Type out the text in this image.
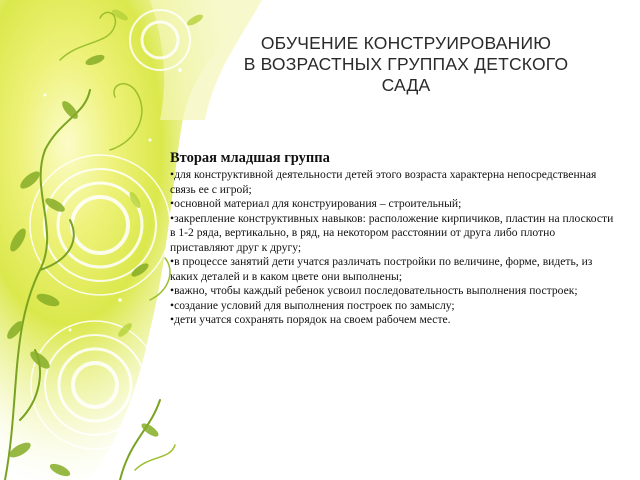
ОБУЧЕНИЕ КОНСТРУИРОВАНИЮ
В ВОЗРАСТНЫХ ГРУППАХ ДЕТСКОГО
САДА
Вторая младшая группа
• для конструктивной деятельности детей этого возраста характерна непосредственная связь ее с игрой;
• основной материал для конструирования – строительный;
• закрепление конструктивных навыков: расположение кирпичиков, пластин на плоскости в 1-2 ряда, вертикально, в ряд, на некотором расстоянии от друга либо плотно приставляют друг к другу;
• в процессе занятий дети учатся различать постройки по величине, форме, видеть, из каких деталей и в каком цвете они выполнены;
• важно, чтобы каждый ребенок усвоил последовательность выполнения построек;
• создание условий для выполнения построек по замыслу;
• дети учатся сохранять порядок на своем рабочем месте.
